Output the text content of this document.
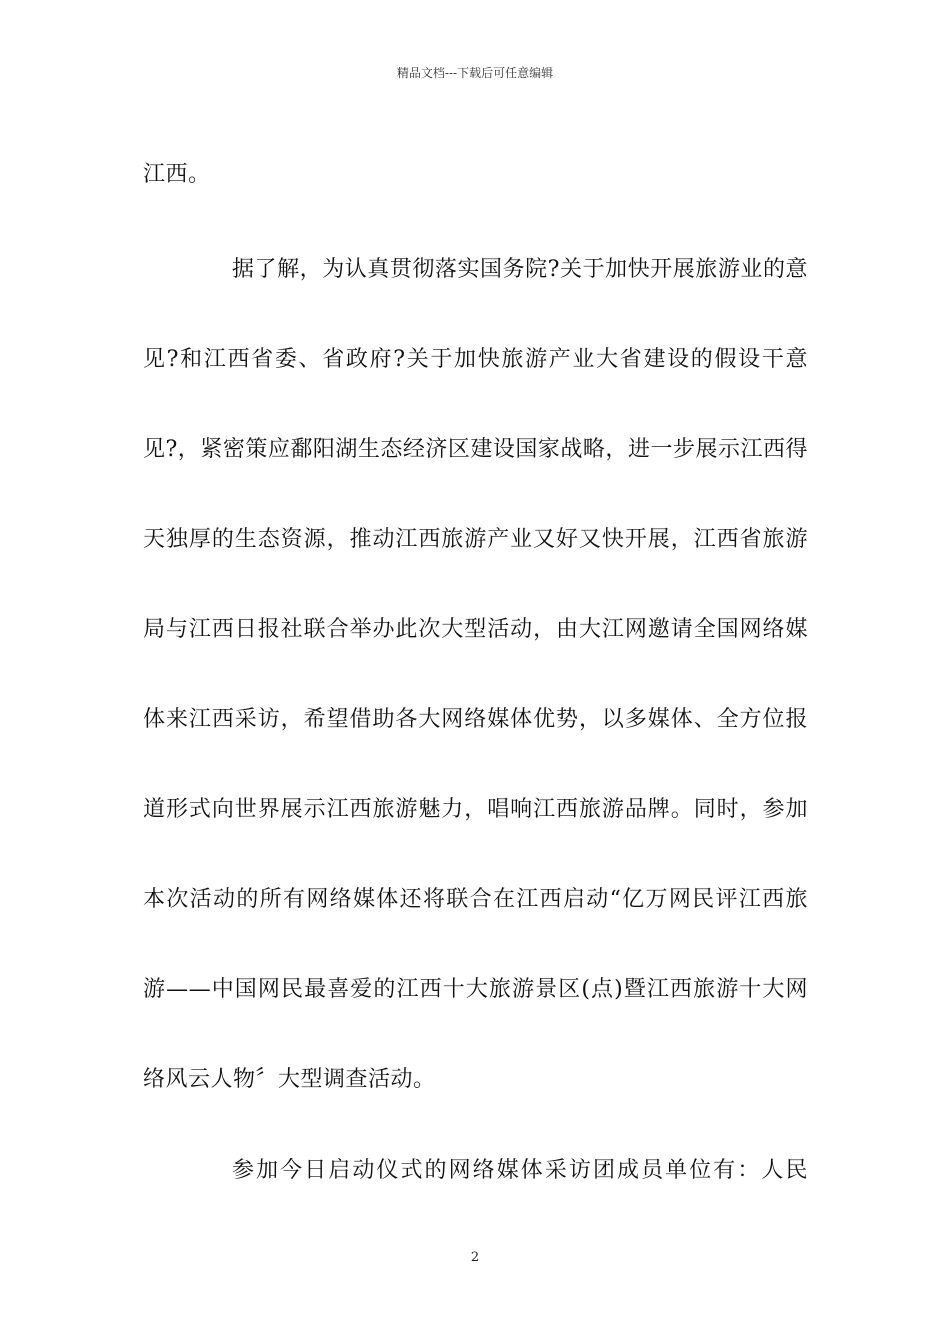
精品文档---下载后可任意编辑
江西。
据了解，为认真贯彻落实国务院?关于加快开展旅游业的意
见?和江西省委、省政府?关于加快旅游产业大省建设的假设干意
见?，紧密策应鄱阳湖生态经济区建设国家战略，进一步展示江西得
天独厚的生态资源，推动江西旅游产业又好又快开展，江西省旅游
局与江西日报社联合举办此次大型活动，由大江网邀请全国网络媒
体来江西采访，希望借助各大网络媒体优势，以多媒体、全方位报
道形式向世界展示江西旅游魅力，唱响江西旅游品牌。同时，参加
本次活动的所有网络媒体还将联合在江西启动“亿万网民评江西旅
游——中国网民最喜爱的江西十大旅游景区(点)暨江西旅游十大网
络风云人物〞大型调查活动。
参加今日启动仪式的网络媒体采访团成员单位有：人民
2
